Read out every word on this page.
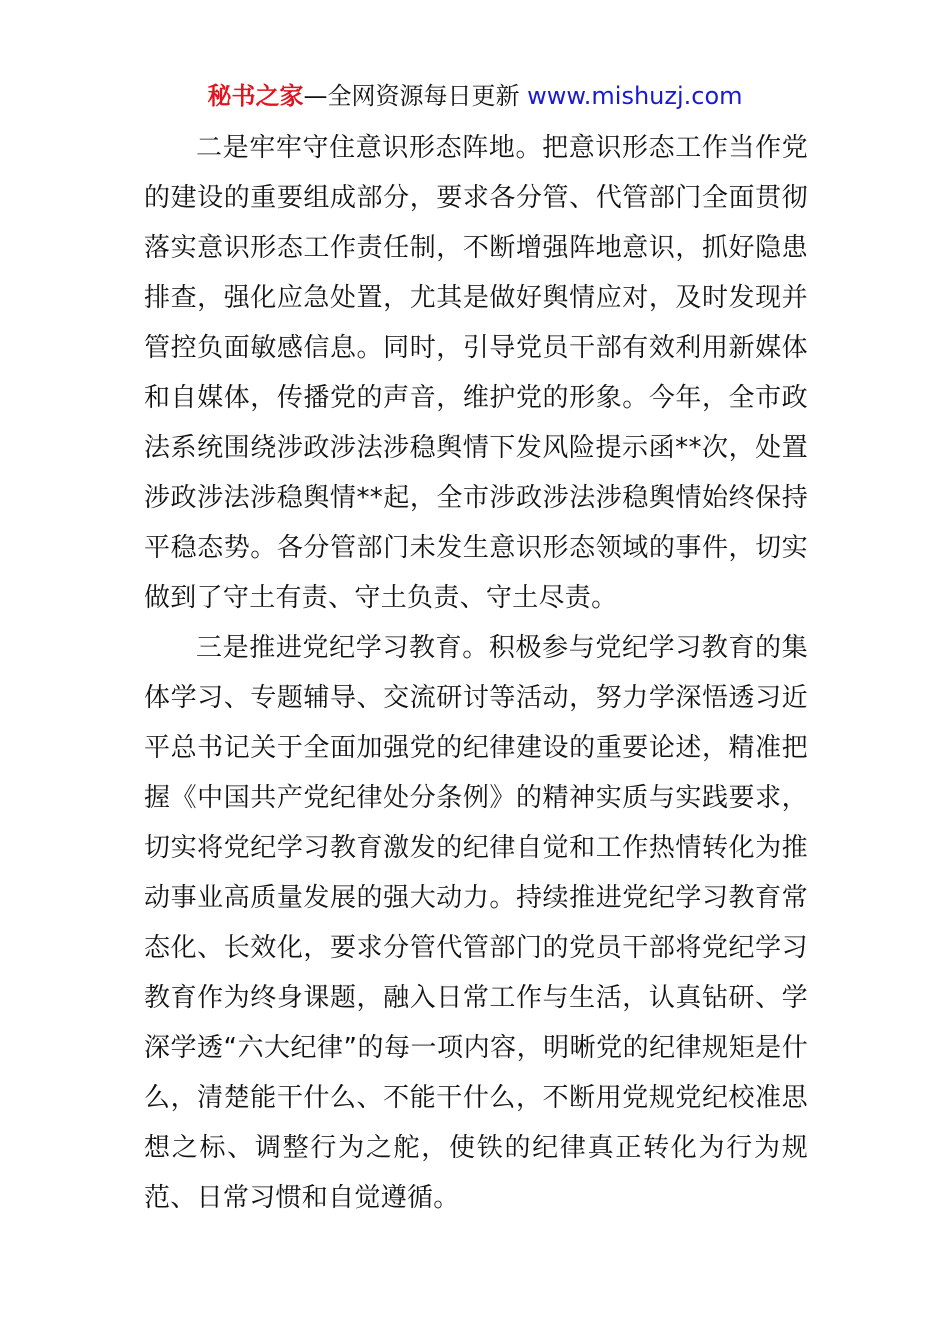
秘书之家—全网资源每日更新 www.mishuzj.com

二是牢牢守住意识形态阵地。把意识形态工作当作党的建设的重要组成部分，要求各分管、代管部门全面贯彻落实意识形态工作责任制，不断增强阵地意识，抓好隐患排查，强化应急处置，尤其是做好舆情应对，及时发现并管控负面敏感信息。同时，引导党员干部有效利用新媒体和自媒体，传播党的声音，维护党的形象。今年，全市政法系统围绕涉政涉法涉稳舆情下发风险提示函**次，处置涉政涉法涉稳舆情**起，全市涉政涉法涉稳舆情始终保持平稳态势。各分管部门未发生意识形态领域的事件，切实做到了守土有责、守土负责、守土尽责。

三是推进党纪学习教育。积极参与党纪学习教育的集体学习、专题辅导、交流研讨等活动，努力学深悟透习近平总书记关于全面加强党的纪律建设的重要论述，精准把握《中国共产党纪律处分条例》的精神实质与实践要求，切实将党纪学习教育激发的纪律自觉和工作热情转化为推动事业高质量发展的强大动力。持续推进党纪学习教育常态化、长效化，要求分管代管部门的党员干部将党纪学习教育作为终身课题，融入日常工作与生活，认真钻研、学深学透“六大纪律”的每一项内容，明晰党的纪律规矩是什么，清楚能干什么、不能干什么，不断用党规党纪校准思想之标、调整行为之舵，使铁的纪律真正转化为行为规范、日常习惯和自觉遵循。
